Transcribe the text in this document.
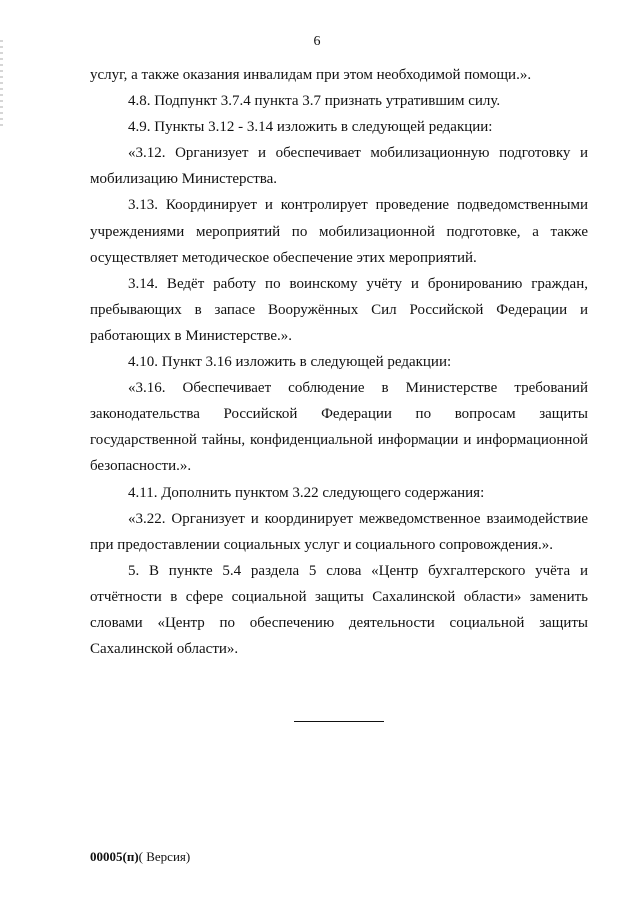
6
услуг, а также оказания инвалидам при этом необходимой помощи.».
4.8. Подпункт 3.7.4 пункта 3.7 признать утратившим силу.
4.9. Пункты 3.12 - 3.14 изложить в следующей редакции:
«3.12. Организует и обеспечивает мобилизационную подготовку и
мобилизацию Министерства.
3.13. Координирует и контролирует проведение подведомственными
учреждениями мероприятий по мобилизационной подготовке, а также
осуществляет методическое обеспечение этих мероприятий.
3.14. Ведёт работу по воинскому учёту и бронированию граждан,
пребывающих в запасе Вооружённых Сил Российской Федерации и
работающих в Министерстве.».
4.10. Пункт 3.16 изложить в следующей редакции:
«3.16. Обеспечивает соблюдение в Министерстве требований
законодательства Российской Федерации по вопросам защиты
государственной тайны, конфиденциальной информации и информационной
безопасности.».
4.11. Дополнить пунктом 3.22 следующего содержания:
«3.22. Организует и координирует межведомственное взаимодействие
при предоставлении социальных услуг и социального сопровождения.».
5. В пункте 5.4 раздела 5 слова «Центр бухгалтерского учёта и
отчётности в сфере социальной защиты Сахалинской области» заменить
словами «Центр по обеспечению деятельности социальной защиты
Сахалинской области».
00005(п)( Версия)
